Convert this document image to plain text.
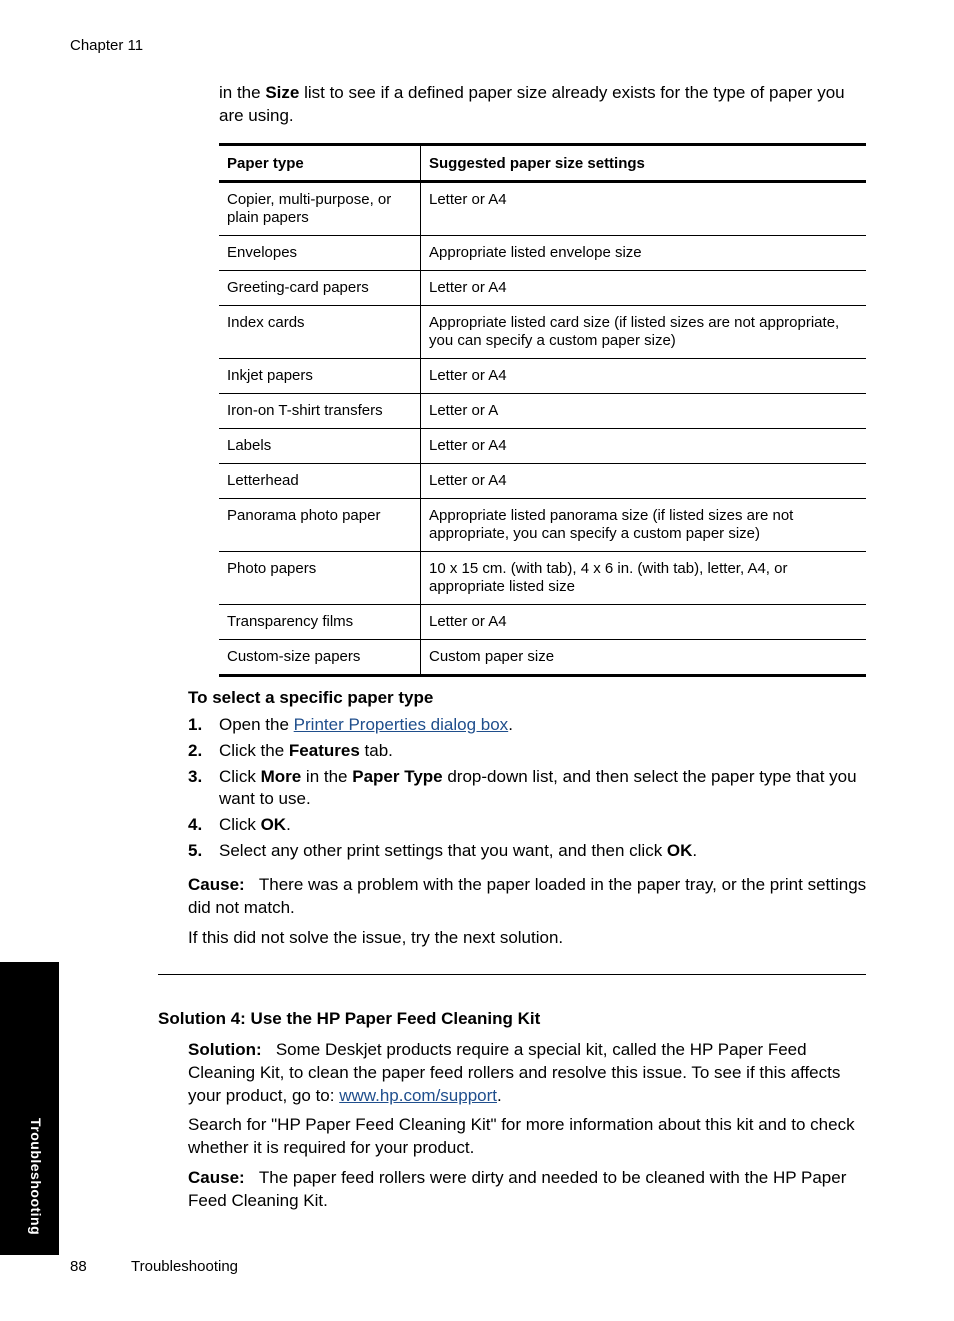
Chapter 11
in the Size list to see if a defined paper size already exists for the type of paper you are using.
Paper type	Suggested paper size settings
Copier, multi-purpose, or plain papers	Letter or A4
Envelopes	Appropriate listed envelope size
Greeting-card papers	Letter or A4
Index cards	Appropriate listed card size (if listed sizes are not appropriate, you can specify a custom paper size)
Inkjet papers	Letter or A4
Iron-on T-shirt transfers	Letter or A
Labels	Letter or A4
Letterhead	Letter or A4
Panorama photo paper	Appropriate listed panorama size (if listed sizes are not appropriate, you can specify a custom paper size)
Photo papers	10 x 15 cm. (with tab), 4 x 6 in. (with tab), letter, A4, or appropriate listed size
Transparency films	Letter or A4
Custom-size papers	Custom paper size
To select a specific paper type
1. Open the Printer Properties dialog box.
2. Click the Features tab.
3. Click More in the Paper Type drop-down list, and then select the paper type that you want to use.
4. Click OK.
5. Select any other print settings that you want, and then click OK.
Cause: There was a problem with the paper loaded in the paper tray, or the print settings did not match.
If this did not solve the issue, try the next solution.
Solution 4: Use the HP Paper Feed Cleaning Kit
Solution: Some Deskjet products require a special kit, called the HP Paper Feed Cleaning Kit, to clean the paper feed rollers and resolve this issue. To see if this affects your product, go to: www.hp.com/support.
Search for "HP Paper Feed Cleaning Kit" for more information about this kit and to check whether it is required for your product.
Cause: The paper feed rollers were dirty and needed to be cleaned with the HP Paper Feed Cleaning Kit.
Troubleshooting
88	Troubleshooting
